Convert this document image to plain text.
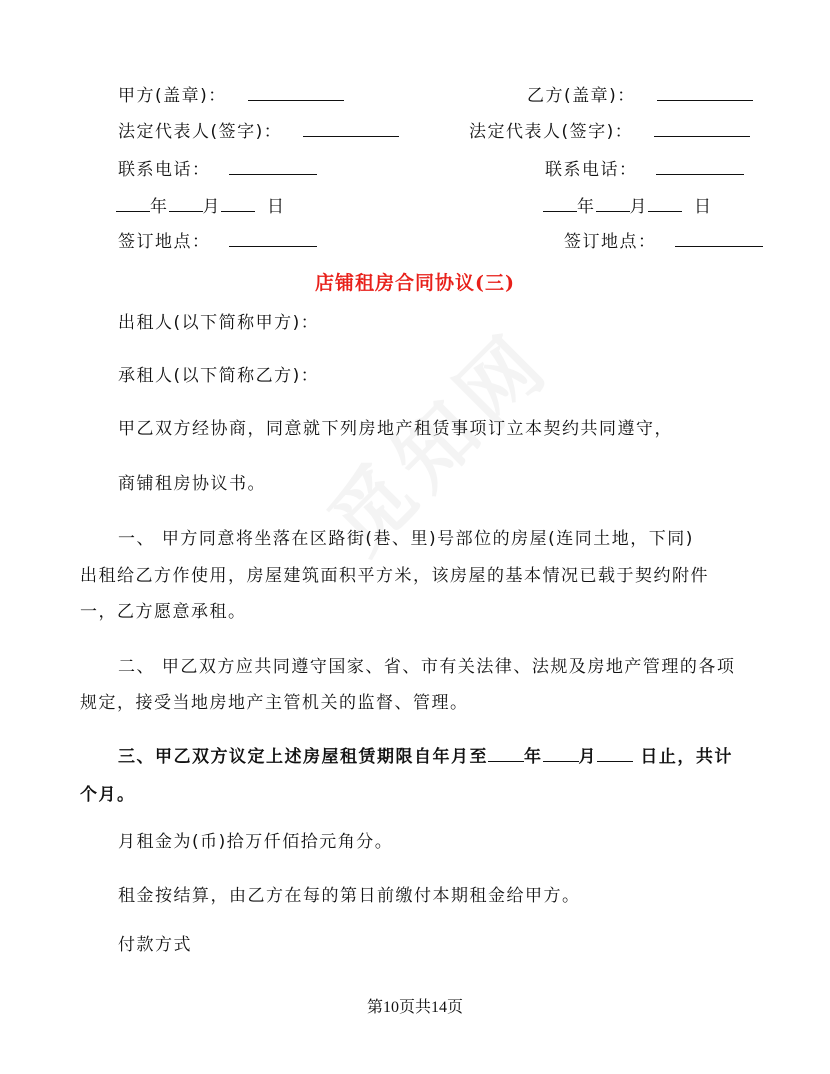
甲方(盖章)：	乙方(盖章)：
法定代表人(签字)：	法定代表人(签字)：
联系电话：	联系电话：
年 月	日	年 月	日
签订地点：	签订地点：
店铺租房合同协议(三)
出租人(以下简称甲方)：
承租人(以下简称乙方)：
甲乙双方经协商，同意就下列房地产租赁事项订立本契约共同遵守，
商铺租房协议书。
一、 甲方同意将坐落在区路街(巷、里)号部位的房屋(连同土地，下同)
出租给乙方作使用，房屋建筑面积平方米，该房屋的基本情况已载于契约附件
一，乙方愿意承租。
二、 甲乙双方应共同遵守国家、省、市有关法律、法规及房地产管理的各项
规定，接受当地房地产主管机关的监督、管理。
三、甲乙双方议定上述房屋租赁期限自年月至 年 月 日止，共计
个月。
月租金为(币)拾万仟佰拾元角分。
租金按结算，由乙方在每的第日前缴付本期租金给甲方。
付款方式
第10页共14页
